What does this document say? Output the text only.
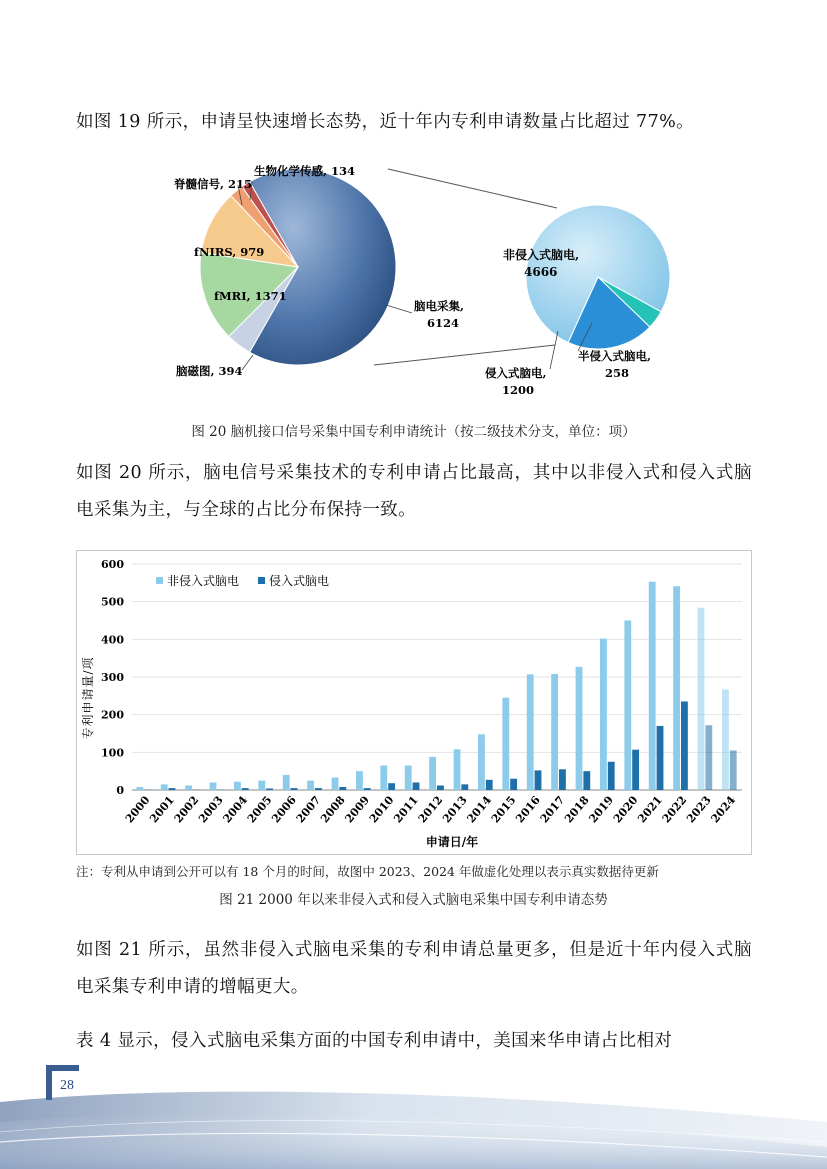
如图 19 所示，申请呈快速增长态势，近十年内专利申请数量占比超过 77%。
生物化学传感, 134
脊髓信号, 215
fNIRS, 979
fMRI, 1371
脑磁图, 394
脑电采集,
6124
非侵入式脑电,
4666
侵入式脑电,
1200
半侵入式脑电,
258
图 20 脑机接口信号采集中国专利申请统计（按二级技术分支，单位：项）
如图 20 所示，脑电信号采集技术的专利申请占比最高，其中以非侵入式和侵入式脑电采集为主，与全球的占比分布保持一致。
0
100
200
300
400
500
600
2000
2001
2002
2003
2004
2005
2006
2007
2008
2009
2010
2011
2012
2013
2014
2015
2016
2017
2018
2019
2020
2021
2022
2023
2024
专利申请量/项
申请日/年
非侵入式脑电 侵入式脑电
注：专利从申请到公开可以有 18 个月的时间，故图中 2023、2024 年做虚化处理以表示真实数据待更新
图 21 2000 年以来非侵入式和侵入式脑电采集中国专利申请态势
如图 21 所示，虽然非侵入式脑电采集的专利申请总量更多，但是近十年内侵入式脑电采集专利申请的增幅更大。
表 4 显示，侵入式脑电采集方面的中国专利申请中，美国来华申请占比相对
28
